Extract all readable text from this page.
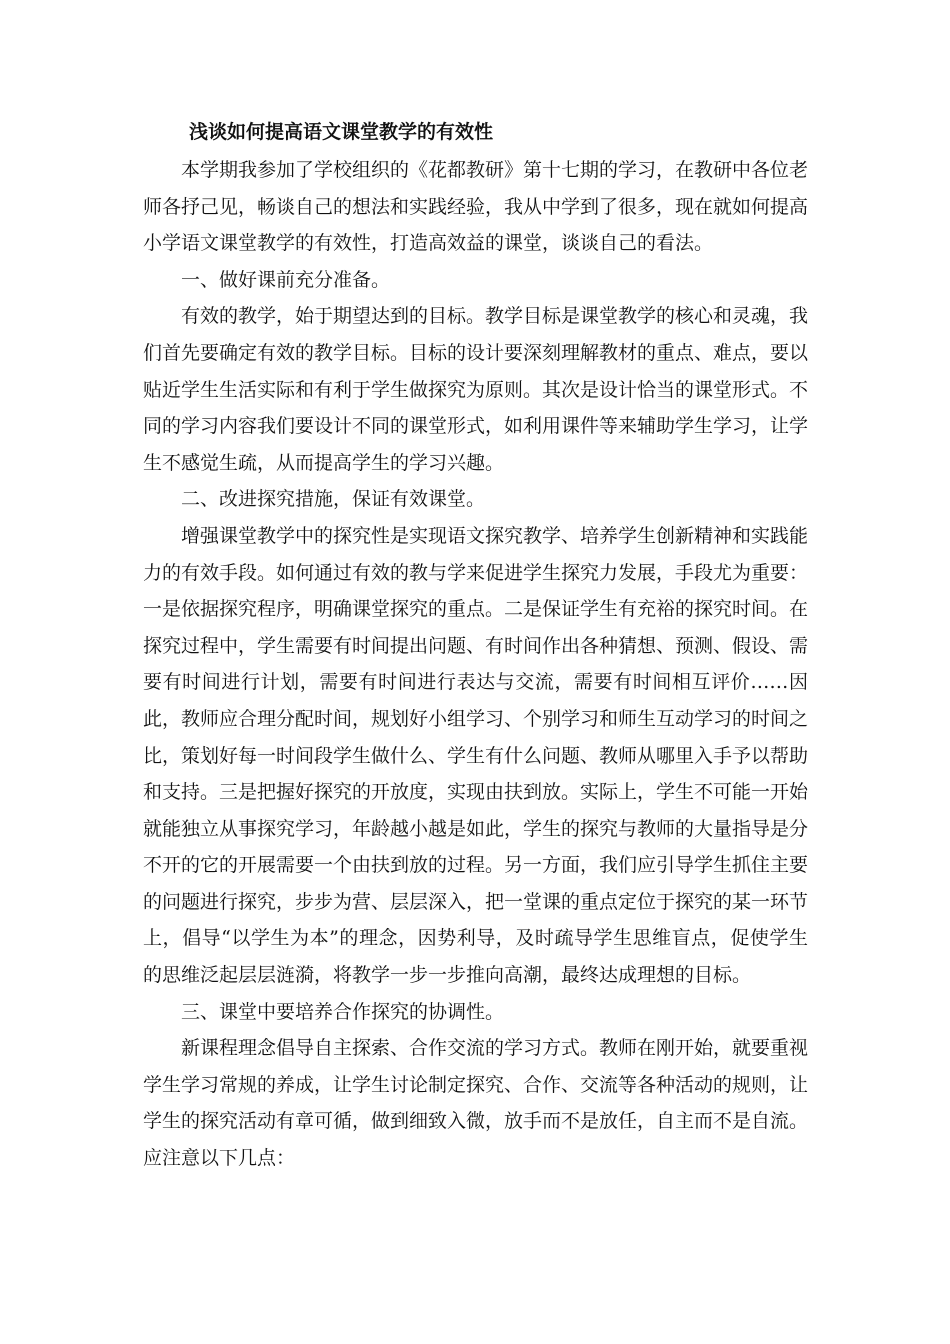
浅谈如何提高语文课堂教学的有效性

本学期我参加了学校组织的《花都教研》第十七期的学习，在教研中各位老师各抒己见，畅谈自己的想法和实践经验，我从中学到了很多，现在就如何提高小学语文课堂教学的有效性，打造高效益的课堂，谈谈自己的看法。

一、做好课前充分准备。

有效的教学，始于期望达到的目标。教学目标是课堂教学的核心和灵魂，我们首先要确定有效的教学目标。目标的设计要深刻理解教材的重点、难点，要以贴近学生生活实际和有利于学生做探究为原则。其次是设计恰当的课堂形式。不同的学习内容我们要设计不同的课堂形式，如利用课件等来辅助学生学习，让学生不感觉生疏，从而提高学生的学习兴趣。

二、改进探究措施，保证有效课堂。

增强课堂教学中的探究性是实现语文探究教学、培养学生创新精神和实践能力的有效手段。如何通过有效的教与学来促进学生探究力发展，手段尤为重要：一是依据探究程序，明确课堂探究的重点。二是保证学生有充裕的探究时间。在探究过程中，学生需要有时间提出问题、有时间作出各种猜想、预测、假设、需要有时间进行计划，需要有时间进行表达与交流，需要有时间相互评价……因此，教师应合理分配时间，规划好小组学习、个别学习和师生互动学习的时间之比，策划好每一时间段学生做什么、学生有什么问题、教师从哪里入手予以帮助和支持。三是把握好探究的开放度，实现由扶到放。实际上，学生不可能一开始就能独立从事探究学习，年龄越小越是如此，学生的探究与教师的大量指导是分不开的它的开展需要一个由扶到放的过程。另一方面，我们应引导学生抓住主要的问题进行探究，步步为营、层层深入，把一堂课的重点定位于探究的某一环节上，倡导“以学生为本”的理念，因势利导，及时疏导学生思维盲点，促使学生的思维泛起层层涟漪，将教学一步一步推向高潮，最终达成理想的目标。

三、课堂中要培养合作探究的协调性。

新课程理念倡导自主探索、合作交流的学习方式。教师在刚开始，就要重视学生学习常规的养成，让学生讨论制定探究、合作、交流等各种活动的规则，让学生的探究活动有章可循，做到细致入微，放手而不是放任，自主而不是自流。

应注意以下几点：
